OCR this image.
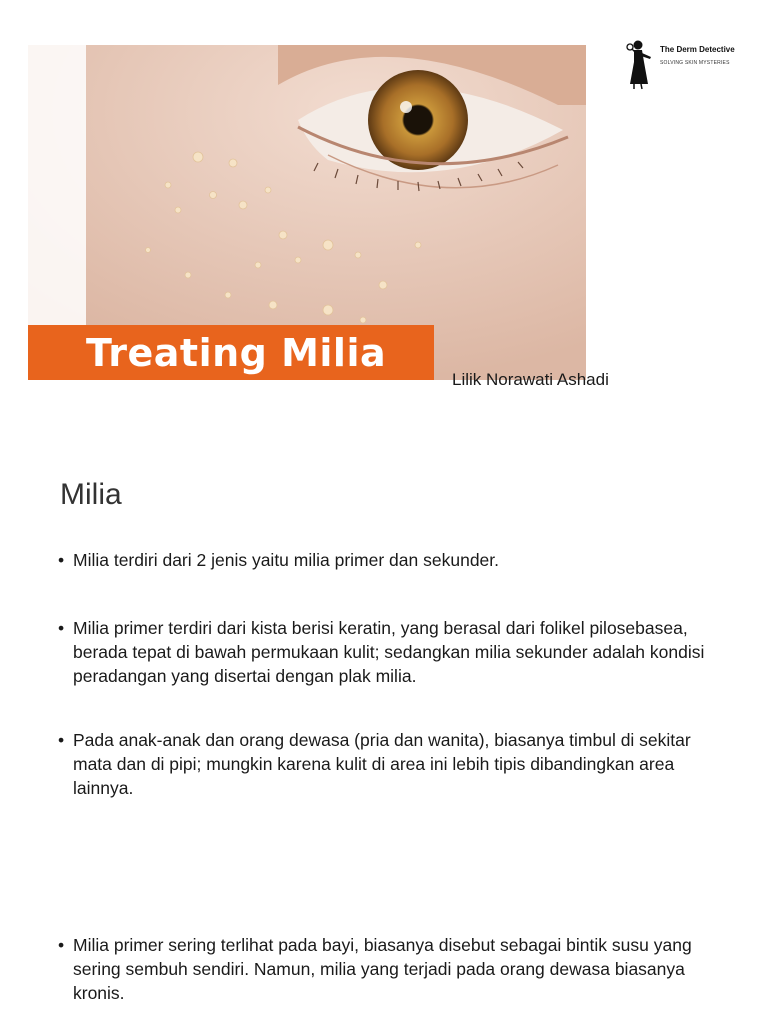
Treating Milia
Lilik Norawati Ashadi
The Derm Detective
SOLVING SKIN MYSTERIES
Milia
• Milia terdiri dari 2 jenis yaitu milia primer dan sekunder.
• Milia primer terdiri dari kista berisi keratin, yang berasal dari folikel pilosebasea, berada tepat di bawah permukaan kulit; sedangkan milia sekunder adalah kondisi peradangan yang disertai dengan plak milia.
• Pada anak-anak dan orang dewasa (pria dan wanita), biasanya timbul di sekitar mata dan di pipi; mungkin karena kulit di area ini lebih tipis dibandingkan area lainnya.
• Milia primer sering terlihat pada bayi, biasanya disebut sebagai bintik susu yang sering sembuh sendiri. Namun, milia yang terjadi pada orang dewasa biasanya kronis.
